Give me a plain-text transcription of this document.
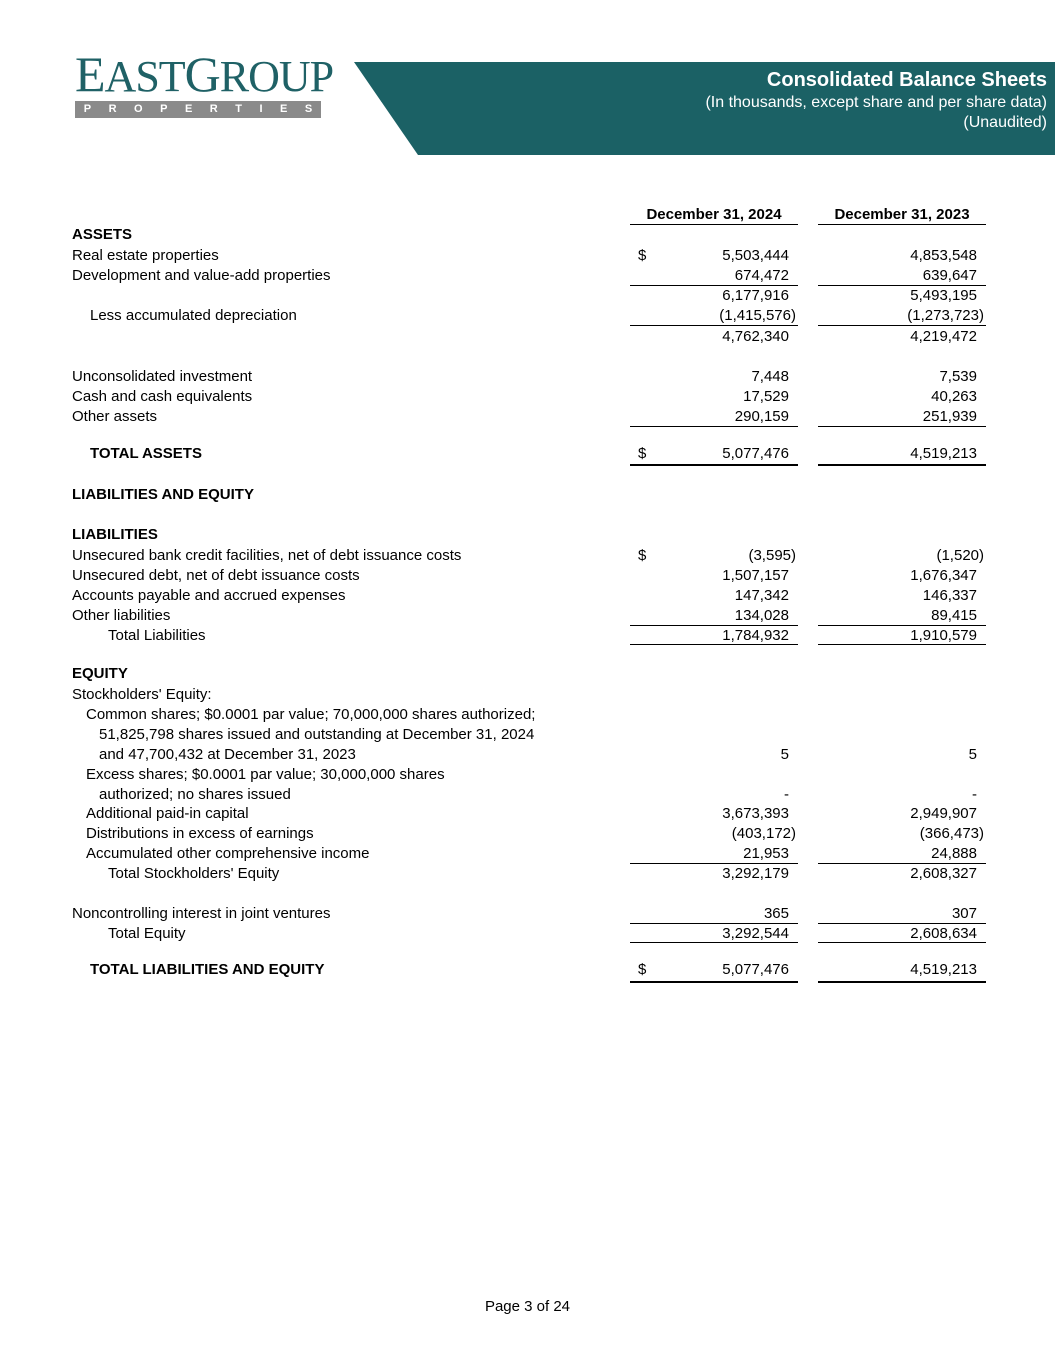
Consolidated Balance Sheets
(In thousands, except share and per share data)
(Unaudited)
EASTGROUP
P R O P E R T I E S
December 31, 2024	December 31, 2023
ASSETS
Real estate properties	$	5,503,444	4,853,548
Development and value-add properties	674,472	639,647
6,177,916	5,493,195
Less accumulated depreciation	(1,415,576)	(1,273,723)
4,762,340	4,219,472
Unconsolidated investment	7,448	7,539
Cash and cash equivalents	17,529	40,263
Other assets	290,159	251,939
TOTAL ASSETS	$	5,077,476	4,519,213
LIABILITIES AND EQUITY
LIABILITIES
Unsecured bank credit facilities, net of debt issuance costs	$	(3,595)	(1,520)
Unsecured debt, net of debt issuance costs	1,507,157	1,676,347
Accounts payable and accrued expenses	147,342	146,337
Other liabilities	134,028	89,415
Total Liabilities	1,784,932	1,910,579
EQUITY
Stockholders' Equity:
Common shares; $0.0001 par value; 70,000,000 shares authorized;
51,825,798 shares issued and outstanding at December 31, 2024
and 47,700,432 at December 31, 2023	5	5
Excess shares; $0.0001 par value; 30,000,000 shares
authorized; no shares issued	-	-
Additional paid-in capital	3,673,393	2,949,907
Distributions in excess of earnings	(403,172)	(366,473)
Accumulated other comprehensive income	21,953	24,888
Total Stockholders' Equity	3,292,179	2,608,327
Noncontrolling interest in joint ventures	365	307
Total Equity	3,292,544	2,608,634
TOTAL LIABILITIES AND EQUITY	$	5,077,476	4,519,213
Page 3 of 24
